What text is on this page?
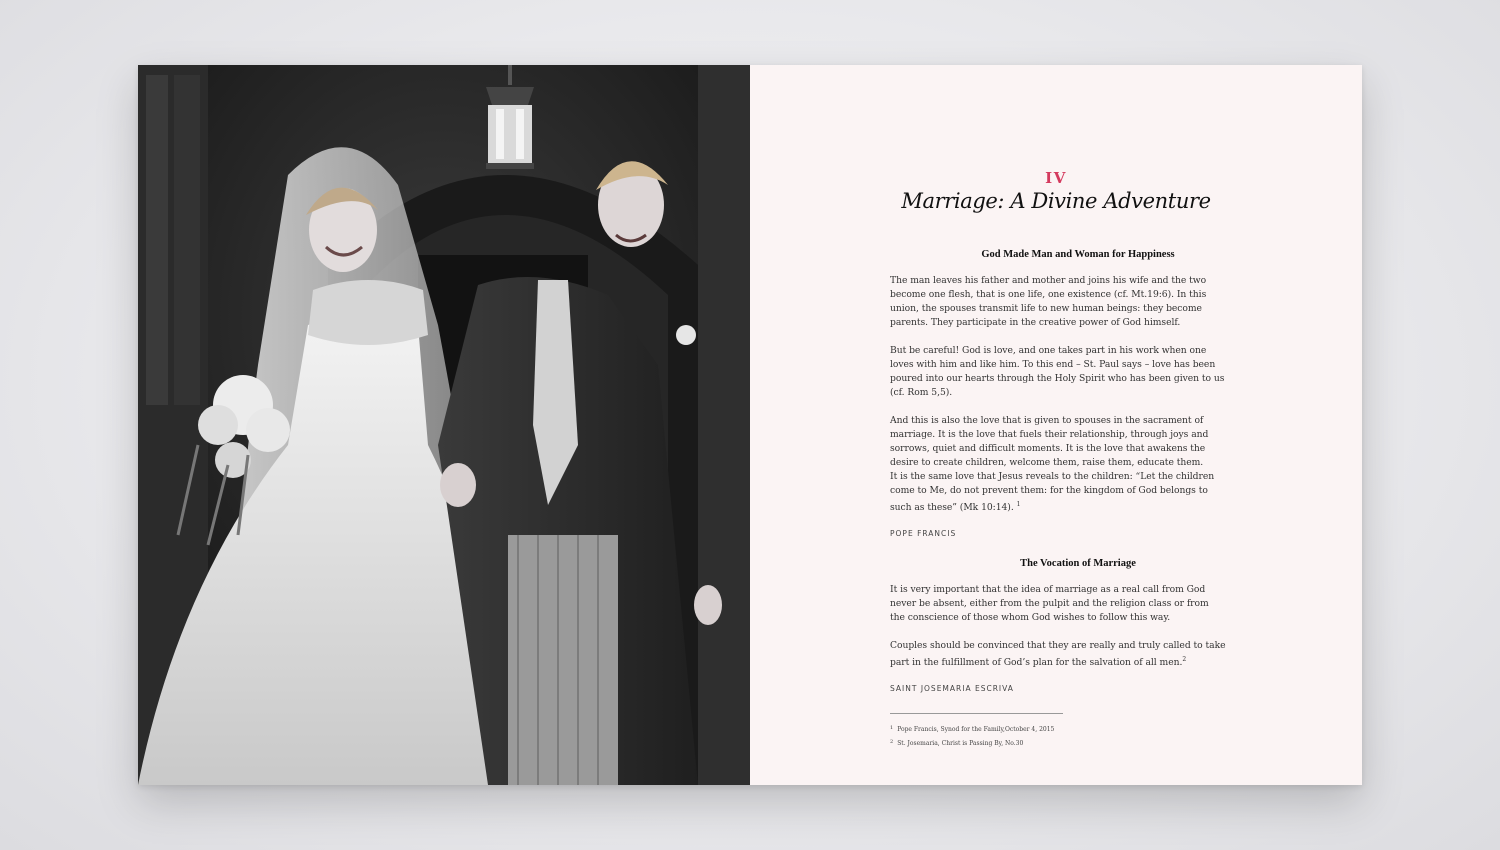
IV
Marriage: A Divine Adventure
God Made Man and Woman for Happiness

The man leaves his father and mother and joins his wife and the two become one flesh, that is one life, one existence (cf. Mt.19:6). In this union, the spouses transmit life to new human beings: they become parents. They participate in the creative power of God himself.

But be careful! God is love, and one takes part in his work when one loves with him and like him. To this end – St. Paul says – love has been poured into our hearts through the Holy Spirit who has been given to us (cf. Rom 5,5).

And this is also the love that is given to spouses in the sacrament of marriage. It is the love that fuels their relationship, through joys and sorrows, quiet and difficult moments. It is the love that awakens the desire to create children, welcome them, raise them, educate them.

It is the same love that Jesus reveals to the children: “Let the children come to Me, do not prevent them: for the kingdom of God belongs to such as these” (Mk 10:14). $^1$

POPE FRANCIS
The Vocation of Marriage

It is very important that the idea of marriage as a real call from God never be absent, either from the pulpit and the religion class or from the conscience of those whom God wishes to follow this way.

Couples should be convinced that they are really and truly called to take part in the fulfillment of God’s plan for the salvation of all men.$^2$

SAINT JOSEMARIA ESCRIVA
$^1$ Pope Francis, Synod for the Family,October 4, 2015
$^2$ St. Josemaria, Christ is Passing By, No.30
